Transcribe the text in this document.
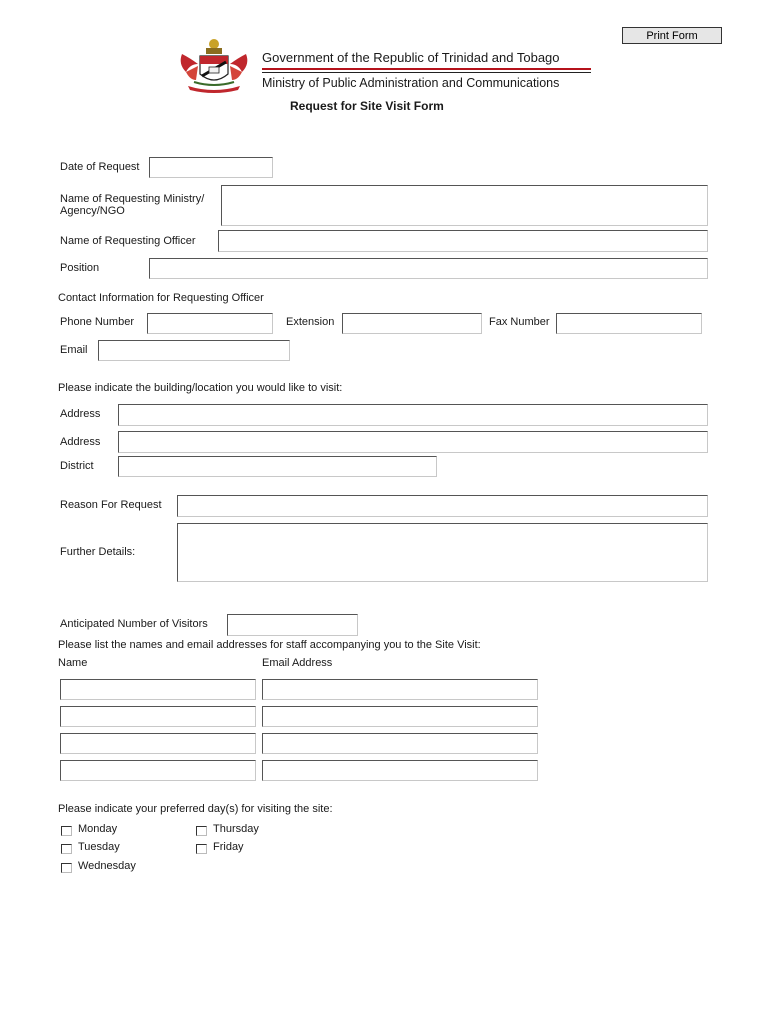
Print Form
Government of the Republic of Trinidad and Tobago
Ministry of Public Administration and Communications
Request for Site Visit Form
Date of Request
Name of Requesting Ministry/
Agency/NGO
Name of Requesting Officer
Position
Contact Information for Requesting Officer
Phone Number	Extension	Fax Number
Email
Please indicate the building/location you would like to visit:
Address
Address
District
Reason For Request
Further Details:
Anticipated Number of Visitors
Please list the names and email addresses for staff accompanying you to the Site Visit:
Name	Email Address
Please indicate your preferred day(s) for visiting the site:
Monday
Tuesday
Wednesday
Thursday
Friday
